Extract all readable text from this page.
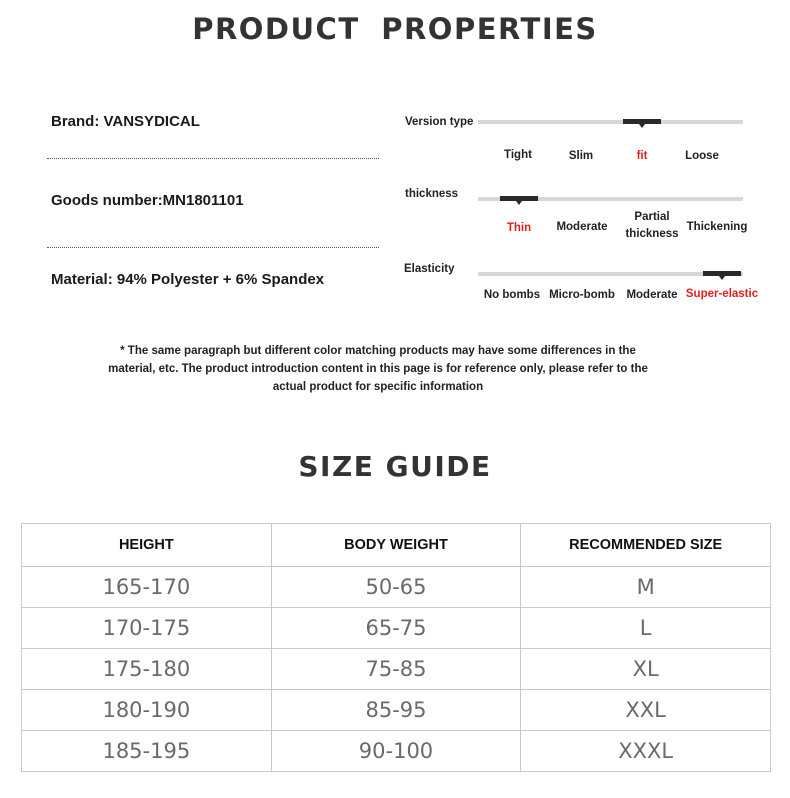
PRODUCT PROPERTIES
Brand: VANSYDICAL
Goods number:MN1801101
Material: 94% Polyester + 6% Spandex
Version type
Tight	Slim	fit	Loose
thickness
Thin	Moderate
Partial thickness
Thickening
Elasticity
No bombs Micro-bomb	Moderate Super-elastic

* The same paragraph but different color matching products may have some differences in the material, etc. The product introduction content in this page is for reference only, please refer to the actual product for specific information

SIZE GUIDE
HEIGHT	BODY WEIGHT	RECOMMENDED SIZE
165-170	50-65	M
170-175	65-75	L
175-180	75-85	XL
180-190	85-95	XXL
185-195	90-100	XXXL
